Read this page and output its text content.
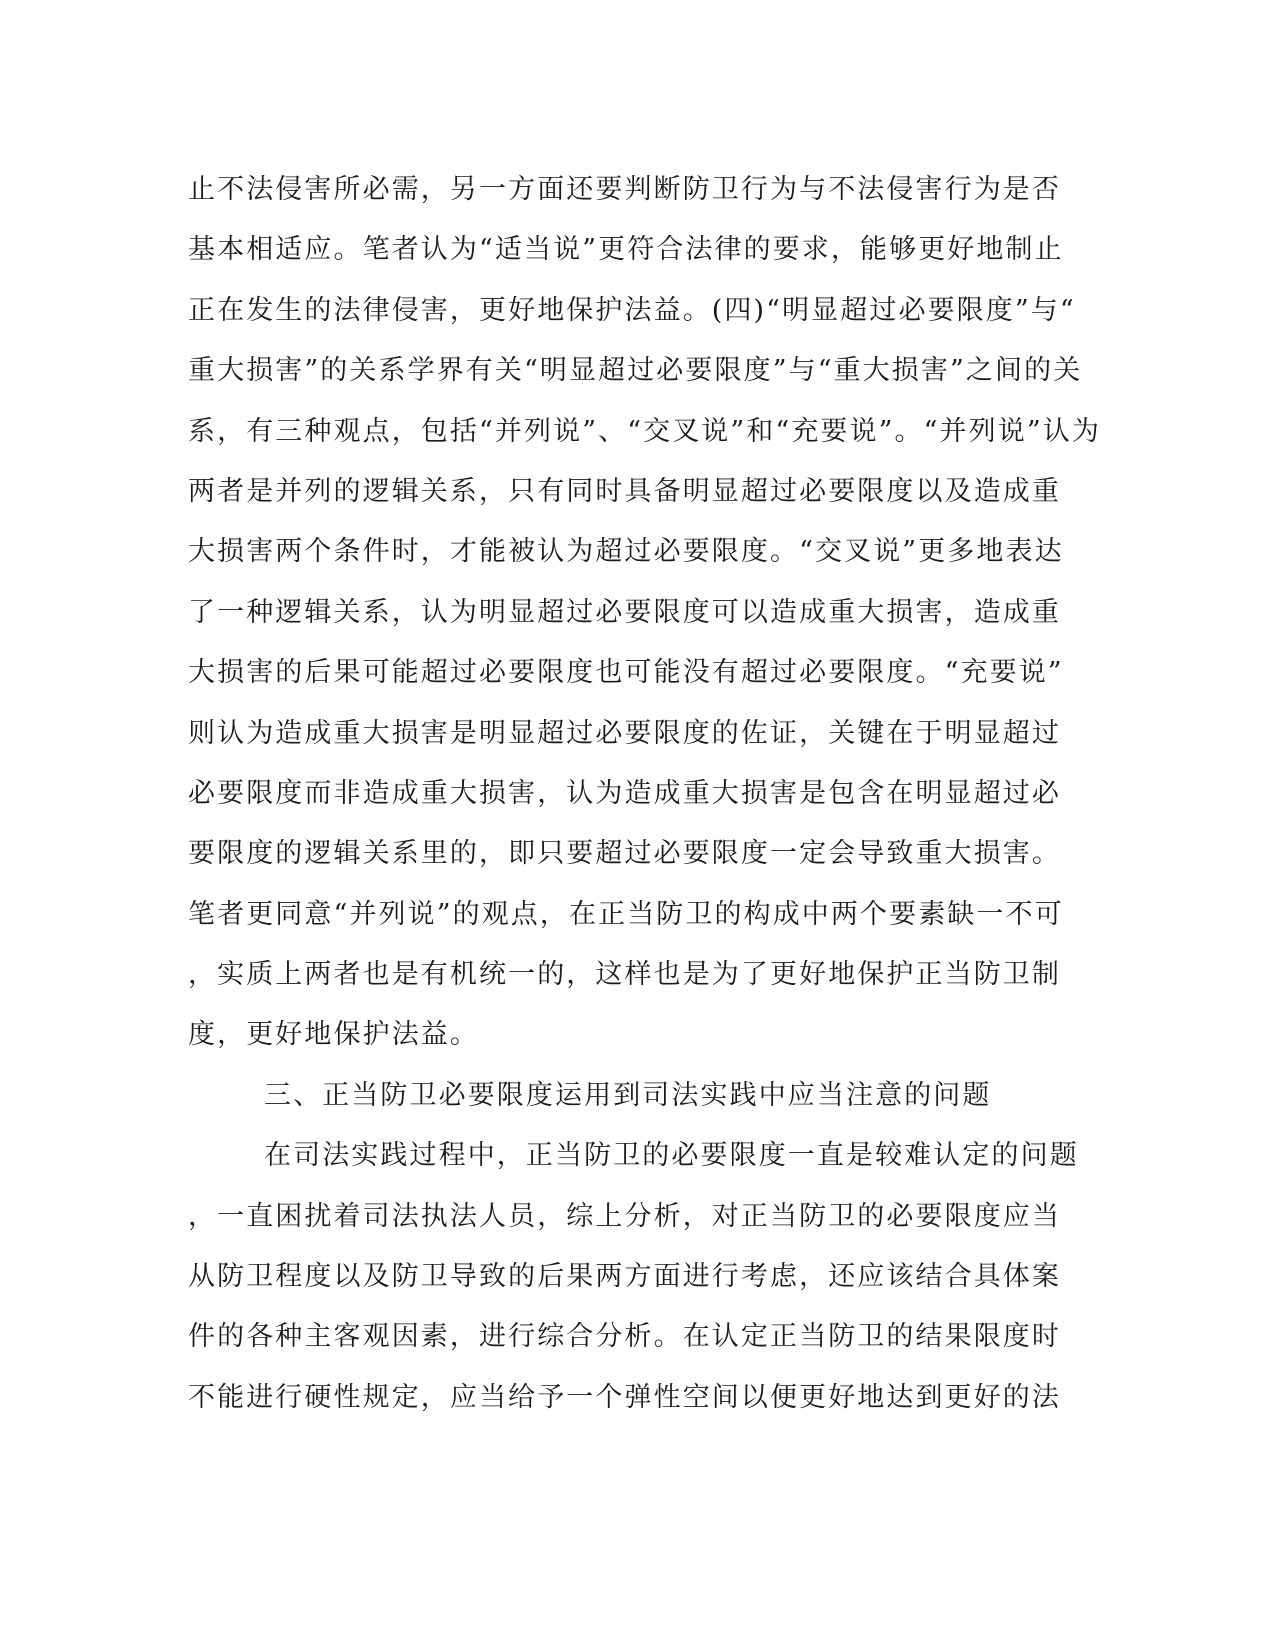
止不法侵害所必需，另一方面还要判断防卫行为与不法侵害行为是否
基本相适应。笔者认为“适当说”更符合法律的要求，能够更好地制止
正在发生的法律侵害，更好地保护法益。(四)“明显超过必要限度”与“
重大损害”的关系学界有关“明显超过必要限度”与“重大损害”之间的关
系，有三种观点，包括“并列说”、“交叉说”和“充要说”。“并列说”认为
两者是并列的逻辑关系，只有同时具备明显超过必要限度以及造成重
大损害两个条件时，才能被认为超过必要限度。“交叉说”更多地表达
了一种逻辑关系，认为明显超过必要限度可以造成重大损害，造成重
大损害的后果可能超过必要限度也可能没有超过必要限度。“充要说”
则认为造成重大损害是明显超过必要限度的佐证，关键在于明显超过
必要限度而非造成重大损害，认为造成重大损害是包含在明显超过必
要限度的逻辑关系里的，即只要超过必要限度一定会导致重大损害。
笔者更同意“并列说”的观点，在正当防卫的构成中两个要素缺一不可
，实质上两者也是有机统一的，这样也是为了更好地保护正当防卫制
度，更好地保护法益。
三、正当防卫必要限度运用到司法实践中应当注意的问题
在司法实践过程中，正当防卫的必要限度一直是较难认定的问题
，一直困扰着司法执法人员，综上分析，对正当防卫的必要限度应当
从防卫程度以及防卫导致的后果两方面进行考虑，还应该结合具体案
件的各种主客观因素，进行综合分析。在认定正当防卫的结果限度时
不能进行硬性规定，应当给予一个弹性空间以便更好地达到更好的法
